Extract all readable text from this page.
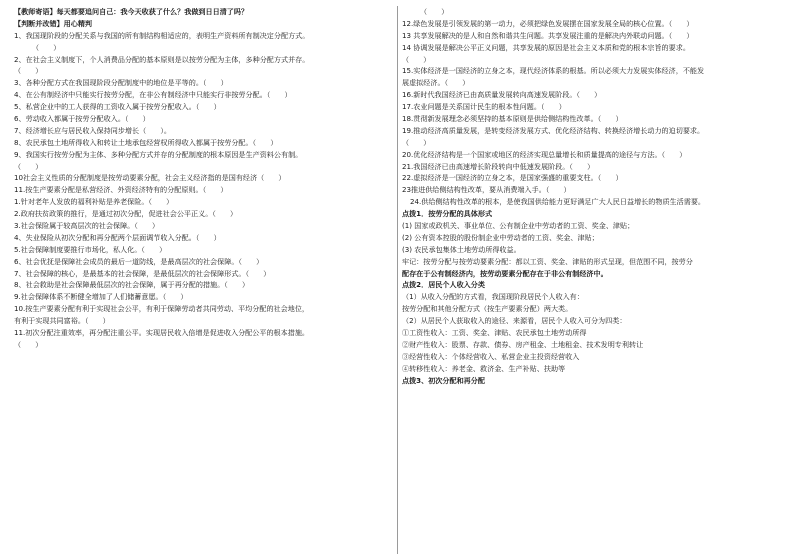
【教师寄语】每天都要追问自己：我今天收获了什么？我做到日日清了吗？
【判断并改错】用心精判
1、我国现阶段的分配关系与我国的所有制结构相适应的，表明生产资料所有制决定分配方式。
（　　）
2、在社会主义制度下，个人消费品分配的基本原则是以按劳分配为主体，多种分配方式并存。
（　　）
3、各种分配方式在我国现阶段分配制度中的地位是平等的。（　　）
4、在公有制经济中只能实行按劳分配，在非公有制经济中只能实行非按劳分配。（　　）
5、私营企业中的工人获得的工资收入属于按劳分配收入。（　　）
6、劳动收入都属于按劳分配收入。（　　）
7、经济增长应与居民收入保持同步增长（　　）。
8、农民承包土地所得收入和转让土地承包经营权所得收入都属于按劳分配。（　　）
9、我国实行按劳分配为主体、多种分配方式并存的分配制度的根本原因是生产资料公有制。
（　　）
10社会主义性质的分配制度是按劳动要素分配，社会主义经济指的是国有经济（　　）
11.按生产要素分配是私营经济、外资经济特有的分配原则。（　　）
1.针对老年人发放的福利补贴是养老保险。（　　）
2.政府扶贫政策的推行，是通过初次分配，促进社会公平正义。（　　）
3.社会保险属于较高层次的社会保障。（　　）
4、失业保险从初次分配和再分配两个层面调节收入分配。（　　）
5.社会保障制度要推行市场化，私人化。（　　）
6、社会优抚是保障社会成员的最后一道防线，是最高层次的社会保障。（　　）
7、社会保障的核心，是最基本的社会保障，是最低层次的社会保障形式。（　　）
8、社会救助是社会保障最低层次的社会保障，属于再分配的措施。（　　）
9.社会保障体系不断健全增加了人们储蓄意愿。（　　）
10.按生产要素分配有利于实现社会公平，有利于保障劳动者共同劳动、平均分配的社会地位，
有利于实现共同富裕。（　　）
11.初次分配注重效率，再分配注重公平。实现居民收入倍增是促进收入分配公平的根本措施。
（　　）
（　　）
12.绿色发展是引领发展的第一动力，必须把绿色发展摆在国家发展全局的核心位置。（　　）
13 共享发展解决的是人和自然和谐共生问题。共享发展注重的是解决内外联动问题。（　　）
14 协调发展是解决公平正义问题，共享发展的原因是社会主义本质和党的根本宗旨的要求。
（　　）
15.实体经济是一国经济的立身之本，现代经济体系的根基。所以必须大力发展实体经济，不能发
展虚拟经济。（　　）
16.新时代我国经济已由高质量发展转向高速发展阶段。（　　）
17.农业问题是关系国计民生的根本性问题。（　　）
18.贯彻新发展理念必须坚持的基本原则是供给侧结构性改革。（　　）
19.推动经济高质量发展，是转变经济发展方式、优化经济结构、转换经济增长动力的迫切要求。
（　　）
20.优化经济结构是一个国家或地区的经济实现总量增长和质量提高的途径与方法。（　　）
21.我国经济已由高速增长阶段转向中低速发展阶段。（　　）
22.虚拟经济是一国经济的立身之本，是国家强盛的重要支柱。（　　）
23推进供给侧结构性改革，要从消费端入手。（　　）
24.供给侧结构性改革的根本，是使我国供给能力更好满足广大人民日益增长的物质生活需要。
点拨1．按劳分配的具体形式
(1) 国家或政机关、事业单位、公有制企业中劳动者的工资、奖金、津贴；
(2) 公有资本控股的股份制企业中劳动者的工资、奖金、津贴；
(3) 农民承包集体土地劳动所得收益。
牢记：按劳分配与按劳动要素分配：都以工资、奖金、津贴的形式呈现，但范围不同，按劳分
配存在于公有制经济内，按劳动要素分配存在于非公有制经济中。
点拨2．居民个人收入分类
（1）从收入分配的方式看，我国现阶段居民个人收入有：
按劳分配和其他分配方式（按生产要素分配）两大类。
（2）从居民个人获取收入的途径、来源看，居民个人收入可分为四类：
①工资性收入：工资、奖金、津贴、农民承包土地劳动所得
②财产性收入：股票、存款、债券、房产租金、土地租金、技术发明专利转让
③经营性收入：个体经营收入、私营企业主投资经营收入
④转移性收入：养老金、救济金、生产补贴、扶助等
点拨3、初次分配和再分配
